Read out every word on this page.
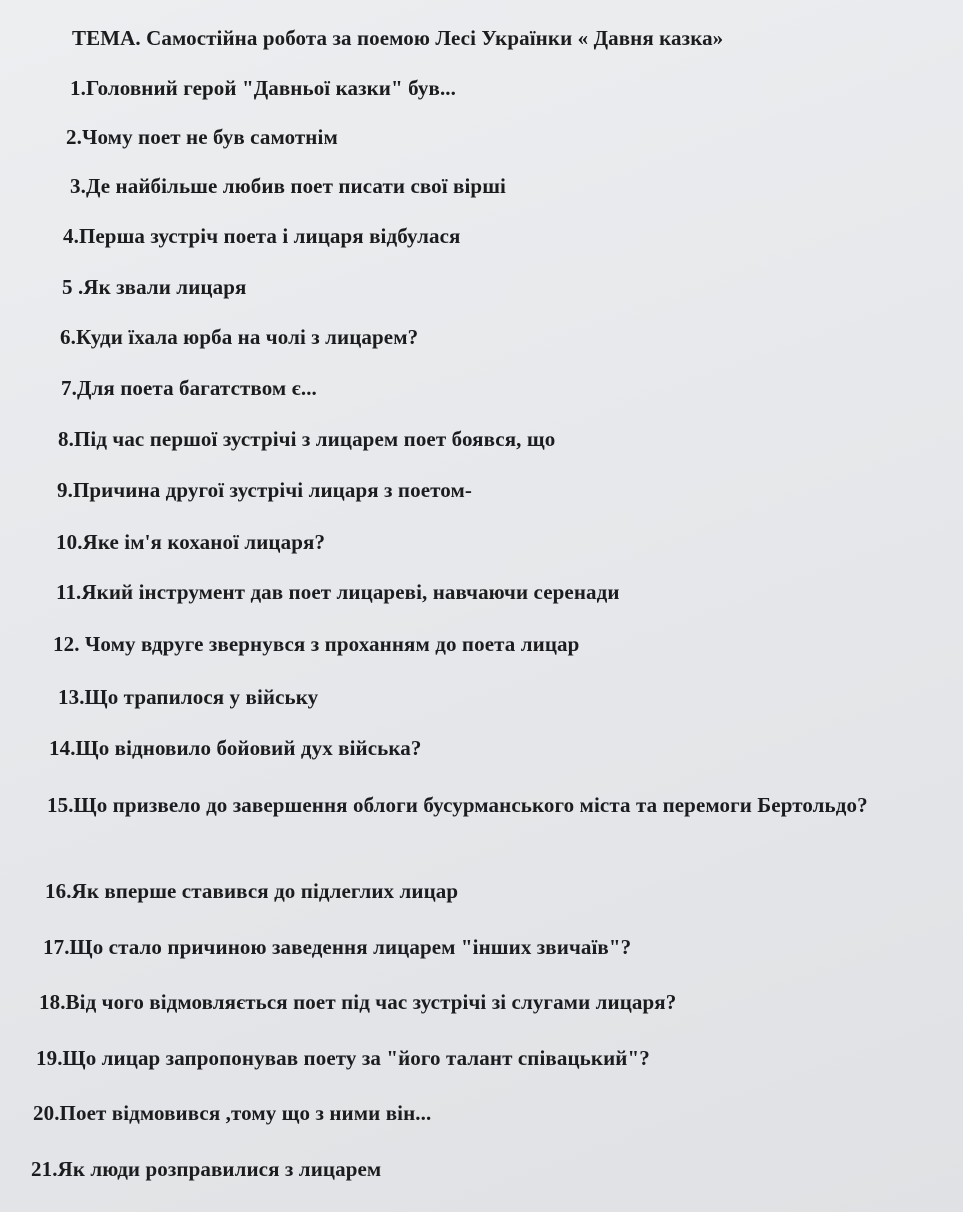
ТЕМА. Самостійна робота за поемою Лесі Українки « Давня казка»
1.Головний герой "Давньої казки" був...
2.Чому поет не був самотнім
3.Де найбільше любив поет писати свої вірші
4.Перша зустріч поета і лицаря відбулася
5 .Як звали лицаря
6.Куди їхала юрба на чолі з лицарем?
7.Для поета багатством є...
8.Під час першої зустрічі з лицарем поет боявся, що
9.Причина другої зустрічі лицаря з поетом-
10.Яке ім'я коханої лицаря?
11.Який інструмент дав поет лицареві, навчаючи серенади
12. Чому вдруге звернувся з проханням до поета лицар
13.Що трапилося у війську
14.Що відновило бойовий дух війська?
15.Що призвело до завершення облоги бусурманського міста та перемоги Бертольдо?
16.Як вперше ставився до підлеглих лицар
17.Що стало причиною заведення лицарем "інших звичаїв"?
18.Від чого відмовляється поет під час зустрічі зі слугами лицаря?
19.Що лицар запропонував поету за "його талант співацький"?
20.Поет відмовився ,тому що з ними він...
21.Як люди розправилися з лицарем
